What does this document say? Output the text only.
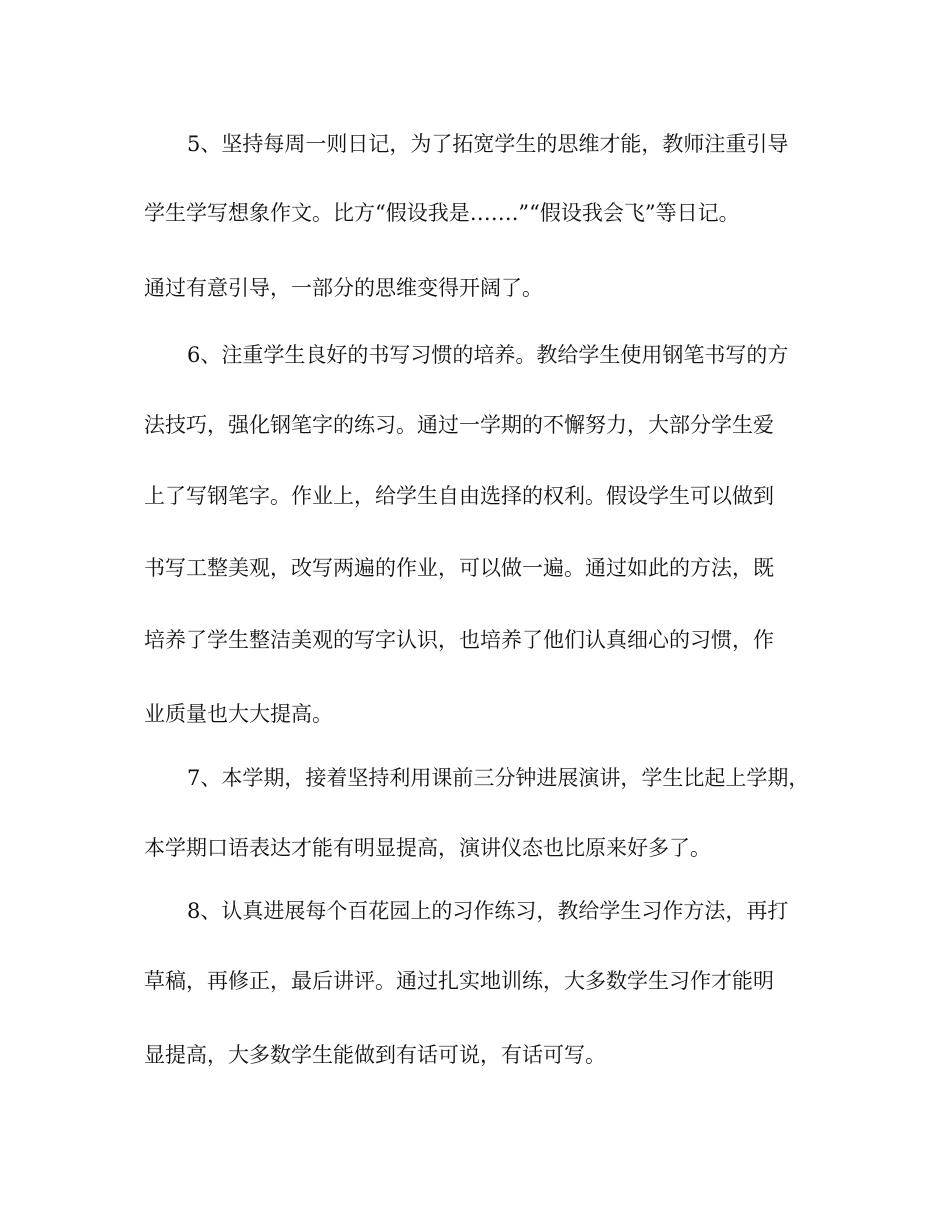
5、坚持每周一则日记，为了拓宽学生的思维才能，教师注重引导

学生学写想象作文。比方“假设我是…….”“假设我会飞”等日记。

通过有意引导，一部分的思维变得开阔了。

6、注重学生良好的书写习惯的培养。教给学生使用钢笔书写的方

法技巧，强化钢笔字的练习。通过一学期的不懈努力，大部分学生爱

上了写钢笔字。作业上，给学生自由选择的权利。假设学生可以做到

书写工整美观，改写两遍的作业，可以做一遍。通过如此的方法，既

培养了学生整洁美观的写字认识，也培养了他们认真细心的习惯，作

业质量也大大提高。

7、本学期，接着坚持利用课前三分钟进展演讲，学生比起上学期，

本学期口语表达才能有明显提高，演讲仪态也比原来好多了。

8、认真进展每个百花园上的习作练习，教给学生习作方法，再打

草稿，再修正，最后讲评。通过扎实地训练，大多数学生习作才能明

显提高，大多数学生能做到有话可说，有话可写。
